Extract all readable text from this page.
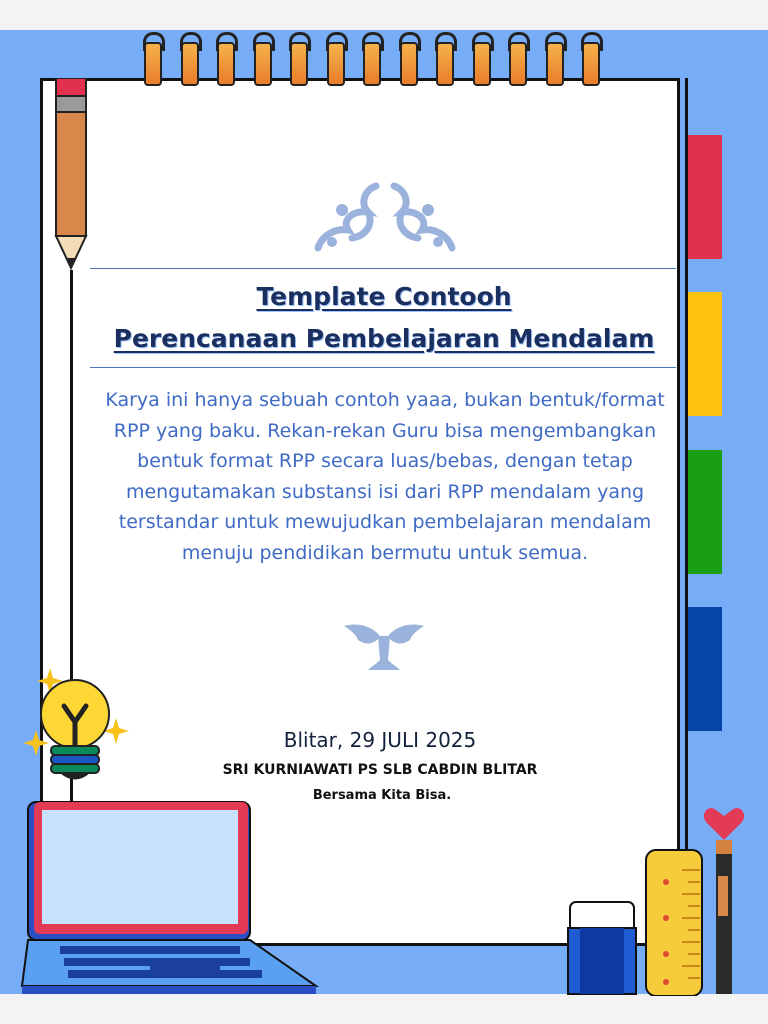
Template Contooh
Perencanaan Pembelajaran Mendalam
Karya ini hanya sebuah contoh yaaa, bukan bentuk/format RPP yang baku. Rekan-rekan Guru bisa mengembangkan bentuk format RPP secara luas/bebas, dengan tetap mengutamakan substansi isi dari RPP mendalam yang terstandar untuk mewujudkan pembelajaran mendalam menuju pendidikan bermutu untuk semua.
Blitar, 29 JULI 2025
SRI KURNIAWATI PS SLB CABDIN BLITAR
Bersama Kita Bisa.
